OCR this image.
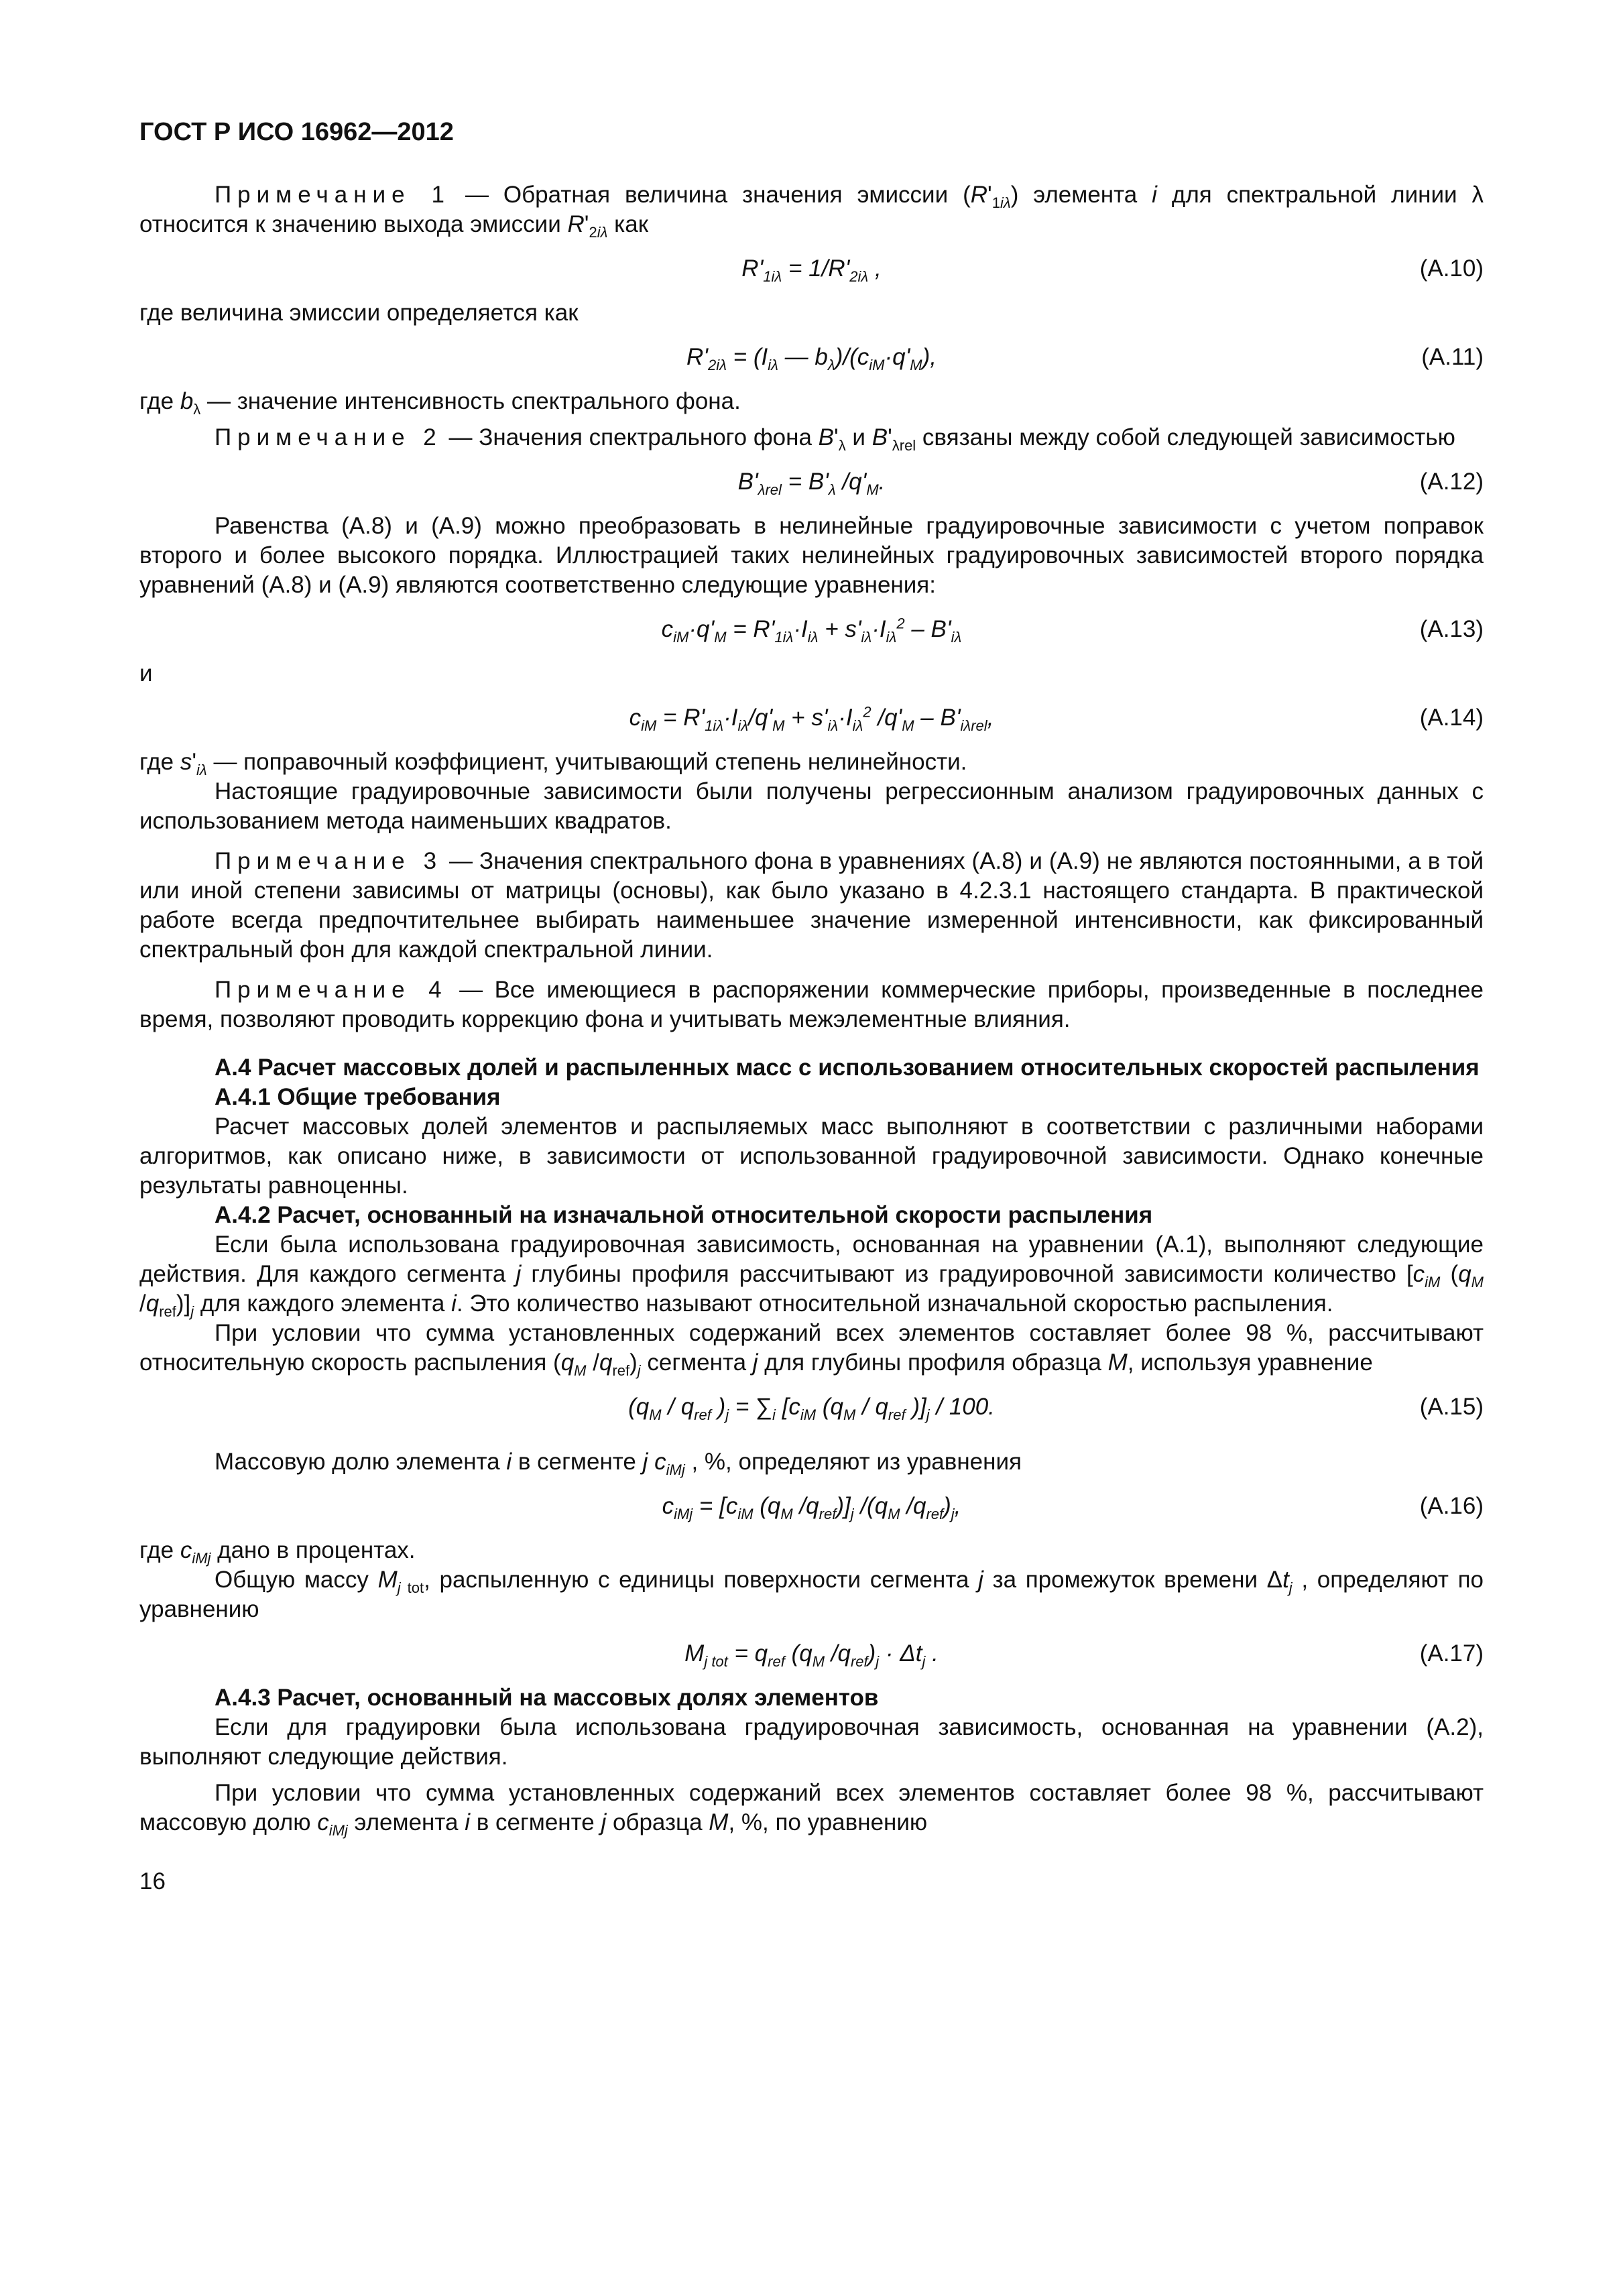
ГОСТ Р ИСО 16962—2012

Примечание 1 — Обратная величина значения эмиссии $(R'_{1i\lambda})$ элемента i для спектральной линии λ относится к значению выхода эмиссии $R'_{2i\lambda}$ как

$R'_{1i\lambda} = 1/R'_{2i\lambda}$ ,	(А.10)

где величина эмиссии определяется как

$R'_{2i\lambda} = (I_{i\lambda}$ — $b_\lambda)/(c_{iM}\cdot q'_M)$,	(А.11)

где $b_\lambda$ — значение интенсивность спектрального фона.

Примечание 2 — Значения спектрального фона $B'_\lambda$ и $B'_{\lambda rel}$ связаны между собой следующей зависимостью

$B'_{\lambda rel} = B'_\lambda$ $/q'_M$.	(А.12)

Равенства (А.8) и (А.9) можно преобразовать в нелинейные градуировочные зависимости с учетом поправок второго и более высокого порядка. Иллюстрацией таких нелинейных градуировочных зависимостей второго порядка уравнений (А.8) и (А.9) являются соответственно следующие уравнения:

$c_{iM}\cdot q'_M = R'_{1i\lambda}\cdot I_{i\lambda} + s'_{i\lambda}\cdot I_{i\lambda}^2 - B'_{i\lambda}$	(А.13)

и

$c_{iM} = R'_{1i\lambda}\cdot I_{i\lambda}/q'_M + s'_{i\lambda}\cdot I_{i\lambda}^2$ $/q'_M - B'_{i\lambda rel}$,	(А.14)

где $s'_{i\lambda}$ — поправочный коэффициент, учитывающий степень нелинейности.

Настоящие градуировочные зависимости были получены регрессионным анализом градуировочных данных с использованием метода наименьших квадратов.

Примечание 3 — Значения спектрального фона в уравнениях (А.8) и (А.9) не являются постоянными, а в той или иной степени зависимы от матрицы (основы), как было указано в 4.2.3.1 настоящего стандарта. В практической работе всегда предпочтительнее выбирать наименьшее значение измеренной интенсивности, как фиксированный спектральный фон для каждой спектральной линии.

Примечание 4 — Все имеющиеся в распоряжении коммерческие приборы, произведенные в последнее время, позволяют проводить коррекцию фона и учитывать межэлементные влияния.

А.4 Расчет массовых долей и распыленных масс с использованием относительных скоростей распыления

А.4.1 Общие требования

Расчет массовых долей элементов и распыляемых масс выполняют в соответствии с различными наборами алгоритмов, как описано ниже, в зависимости от использованной градуировочной зависимости. Однако конечные результаты равноценны.

А.4.2 Расчет, основанный на изначальной относительной скорости распыления

Если была использована градуировочная зависимость, основанная на уравнении (А.1), выполняют следующие действия. Для каждого сегмента j глубины профиля рассчитывают из градуировочной зависимости количество [$c_{iM}$ ($q_M$ $/q_{ref})]_j$ для каждого элемента i. Это количество называют относительной изначальной скоростью распыления.

При условии что сумма установленных содержаний всех элементов составляет более 98 %, рассчитывают относительную скорость распыления ($q_M$ $/q_{ref})_j$ сегмента j для глубины профиля образца M, используя уравнение

($q_M / q_{ref}$ )$_j = \sum_i$ [$c_{iM}$ ($q_M / q_{ref}$ )]$_j / 100$.	(А.15)

Массовую долю элемента i в сегменте j $c_{iMj}$ , %, определяют из уравнения

$c_{iMj} = [c_{iM}$ ($q_M$ $/q_{ref})]_j$ $/(q_M$ $/q_{ref})_j$,	(А.16)

где $c_{iMj}$ дано в процентах.

Общую массу $M_{j tot}$, распыленную с единицы поверхности сегмента j за промежуток времени $\Delta t_j$ , определяют по уравнению

$M_{j tot} = q_{ref}$ ($q_M$ $/q_{ref})_j \cdot \Delta t_j$ .	(А.17)

А.4.3 Расчет, основанный на массовых долях элементов

Если для градуировки была использована градуировочная зависимость, основанная на уравнении (А.2), выполняют следующие действия.

При условии что сумма установленных содержаний всех элементов составляет более 98 %, рассчитывают массовую долю $c_{iMj}$ элемента i в сегменте j образца M, %, по уравнению

16
